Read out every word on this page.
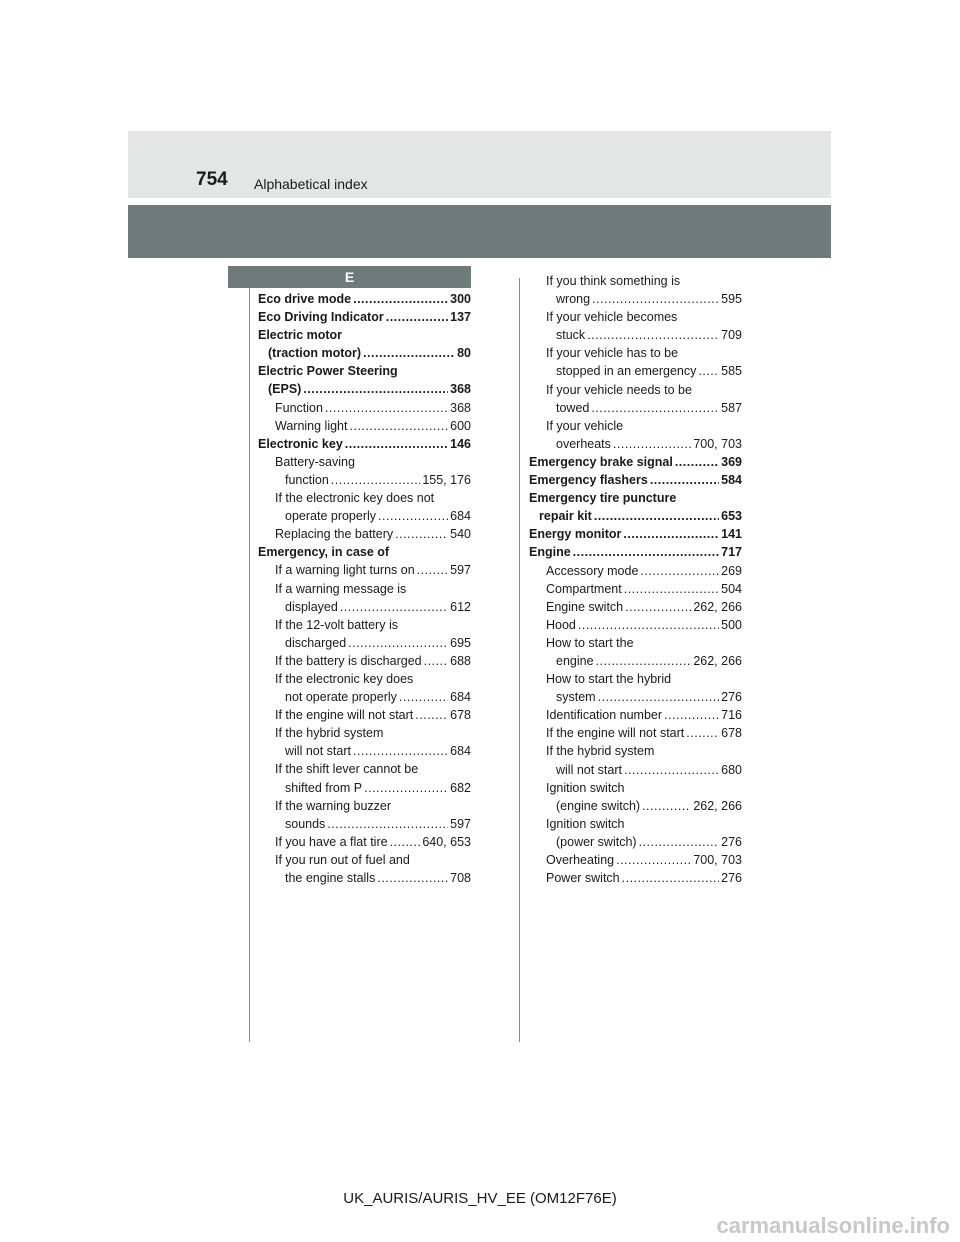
754 Alphabetical index
E
Eco drive mode .....	300
Eco Driving Indicator .....	137
Electric motor
(traction motor) .....	80
Electric Power Steering
(EPS) .....	368
Function .....	368
Warning light .....	600
Electronic key .....	146
Battery-saving
function .....	155, 176
If the electronic key does not
operate properly .....	684
Replacing the battery .....	540
Emergency, in case of
If a warning light turns on .....	597
If a warning message is
displayed .....	612
If the 12-volt battery is
discharged .....	695
If the battery is discharged ..... 688
If the electronic key does
not operate properly .....	684
If the engine will not start .....	678
If the hybrid system
will not start .....	684
If the shift lever cannot be
shifted from P .....	682
If the warning buzzer
sounds .....	597
If you have a flat tire .....	640, 653
If you run out of fuel and
the engine stalls .....	708
If you think something is
wrong .....	595
If your vehicle becomes
stuck .....	709
If your vehicle has to be
stopped in an emergency ..... 585
If your vehicle needs to be
towed .....	587
If your vehicle
overheats .....	700, 703
Emergency brake signal .....	369
Emergency flashers .....	584
Emergency tire puncture
repair kit .....	653
Energy monitor .....	141
Engine .....	717
Accessory mode .....	269
Compartment .....	504
Engine switch .....	262, 266
Hood .....	500
How to start the
engine .....	262, 266
How to start the hybrid
system .....	276
Identification number .....	716
If the engine will not start .....	678
If the hybrid system
will not start .....	680
Ignition switch
(engine switch) .....	262, 266
Ignition switch
(power switch) .....	276
Overheating .....	700, 703
Power switch .....	276
UK_AURIS/AURIS_HV_EE (OM12F76E)
carmanualsonline.info
